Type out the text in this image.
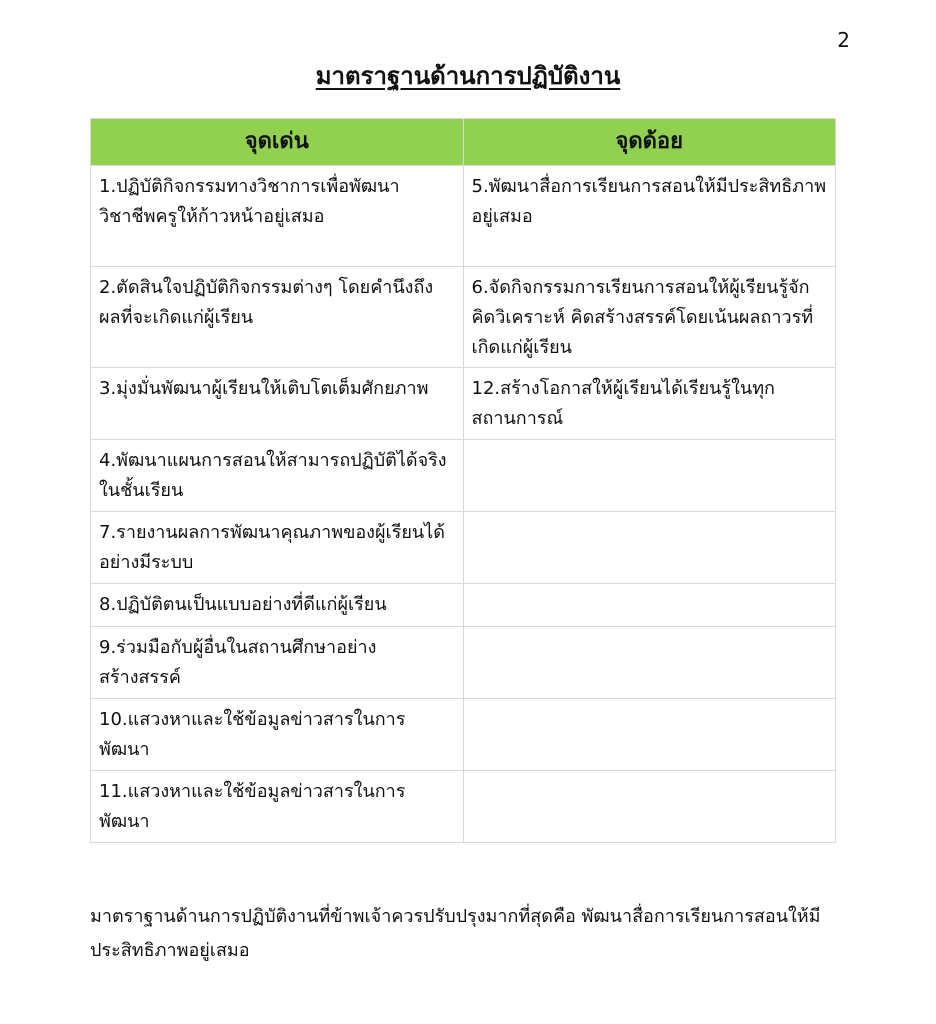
2
มาตราฐานด้านการปฏิบัติงาน
จุดเด่น	จุดด้อย
1.ปฏิบัติกิจกรรมทางวิชาการเพื่อพัฒนาวิชาชีพครูให้ก้าวหน้าอยู่เสมอ	5.พัฒนาสื่อการเรียนการสอนให้มีประสิทธิภาพอยู่เสมอ
2.ตัดสินใจปฏิบัติกิจกรรมต่างๆ โดยคำนึงถึงผลที่จะเกิดแก่ผู้เรียน	6.จัดกิจกรรมการเรียนการสอนให้ผู้เรียนรู้จักคิดวิเคราะห์ คิดสร้างสรรค์โดยเน้นผลถาวรที่เกิดแก่ผู้เรียน
3.มุ่งมั่นพัฒนาผู้เรียนให้เติบโตเต็มศักยภาพ	12.สร้างโอกาสให้ผู้เรียนได้เรียนรู้ในทุกสถานการณ์
4.พัฒนาแผนการสอนให้สามารถปฏิบัติได้จริงในชั้นเรียน	
7.รายงานผลการพัฒนาคุณภาพของผู้เรียนได้อย่างมีระบบ	
8.ปฏิบัติตนเป็นแบบอย่างที่ดีแก่ผู้เรียน	
9.ร่วมมือกับผู้อื่นในสถานศึกษาอย่างสร้างสรรค์	
10.แสวงหาและใช้ข้อมูลข่าวสารในการพัฒนา	
11.แสวงหาและใช้ข้อมูลข่าวสารในการพัฒนา	
มาตราฐานด้านการปฏิบัติงานที่ข้าพเจ้าควรปรับปรุงมากที่สุดคือ พัฒนาสื่อการเรียนการสอนให้มีประสิทธิภาพอยู่เสมอ
